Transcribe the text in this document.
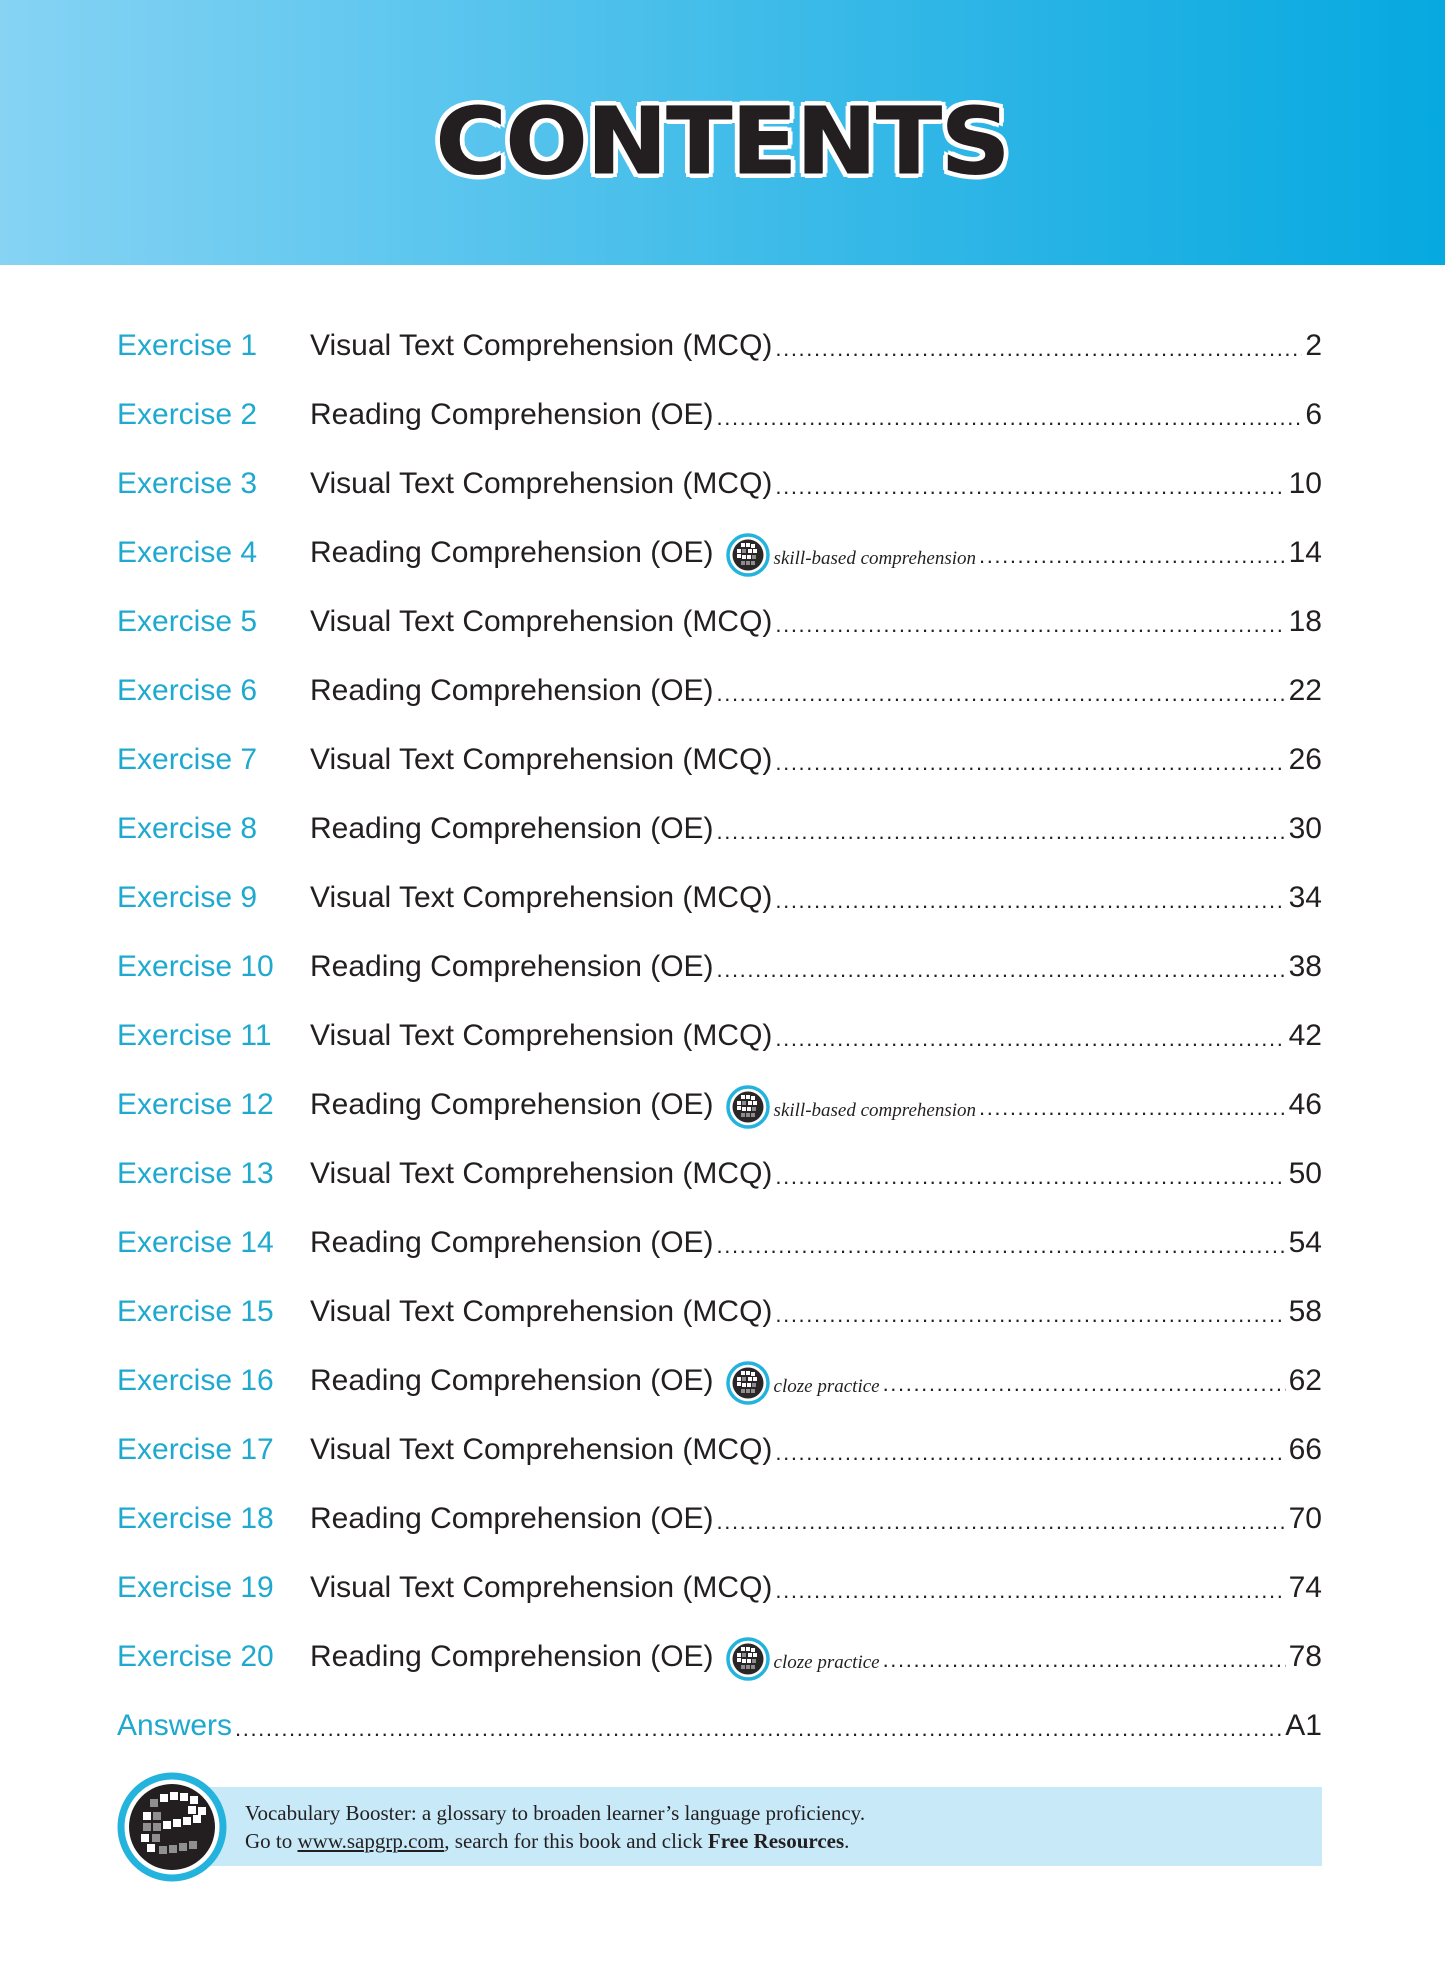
CONTENTS
Exercise 1	Visual Text Comprehension (MCQ) .....	2
Exercise 2	Reading Comprehension (OE) .....	6
Exercise 3	Visual Text Comprehension (MCQ) .....	10
Exercise 4	Reading Comprehension (OE)	skill-based comprehension .....	14
Exercise 5	Visual Text Comprehension (MCQ) .....	18
Exercise 6	Reading Comprehension (OE) .....	22
Exercise 7	Visual Text Comprehension (MCQ) .....	26
Exercise 8	Reading Comprehension (OE) .....	30
Exercise 9	Visual Text Comprehension (MCQ) .....	34
Exercise 10	Reading Comprehension (OE) .....	38
Exercise 11	Visual Text Comprehension (MCQ) .....	42
Exercise 12	Reading Comprehension (OE)	skill-based comprehension .....	46
Exercise 13	Visual Text Comprehension (MCQ) .....	50
Exercise 14	Reading Comprehension (OE) .....	54
Exercise 15	Visual Text Comprehension (MCQ) .....	58
Exercise 16	Reading Comprehension (OE)	cloze practice .....	62
Exercise 17	Visual Text Comprehension (MCQ) .....	66
Exercise 18	Reading Comprehension (OE) .....	70
Exercise 19	Visual Text Comprehension (MCQ) .....	74
Exercise 20	Reading Comprehension (OE)	cloze practice .....	78
Answers .....	A1
Vocabulary Booster: a glossary to broaden learner’s language proficiency.
Go to www.sapgrp.com, search for this book and click Free Resources.
